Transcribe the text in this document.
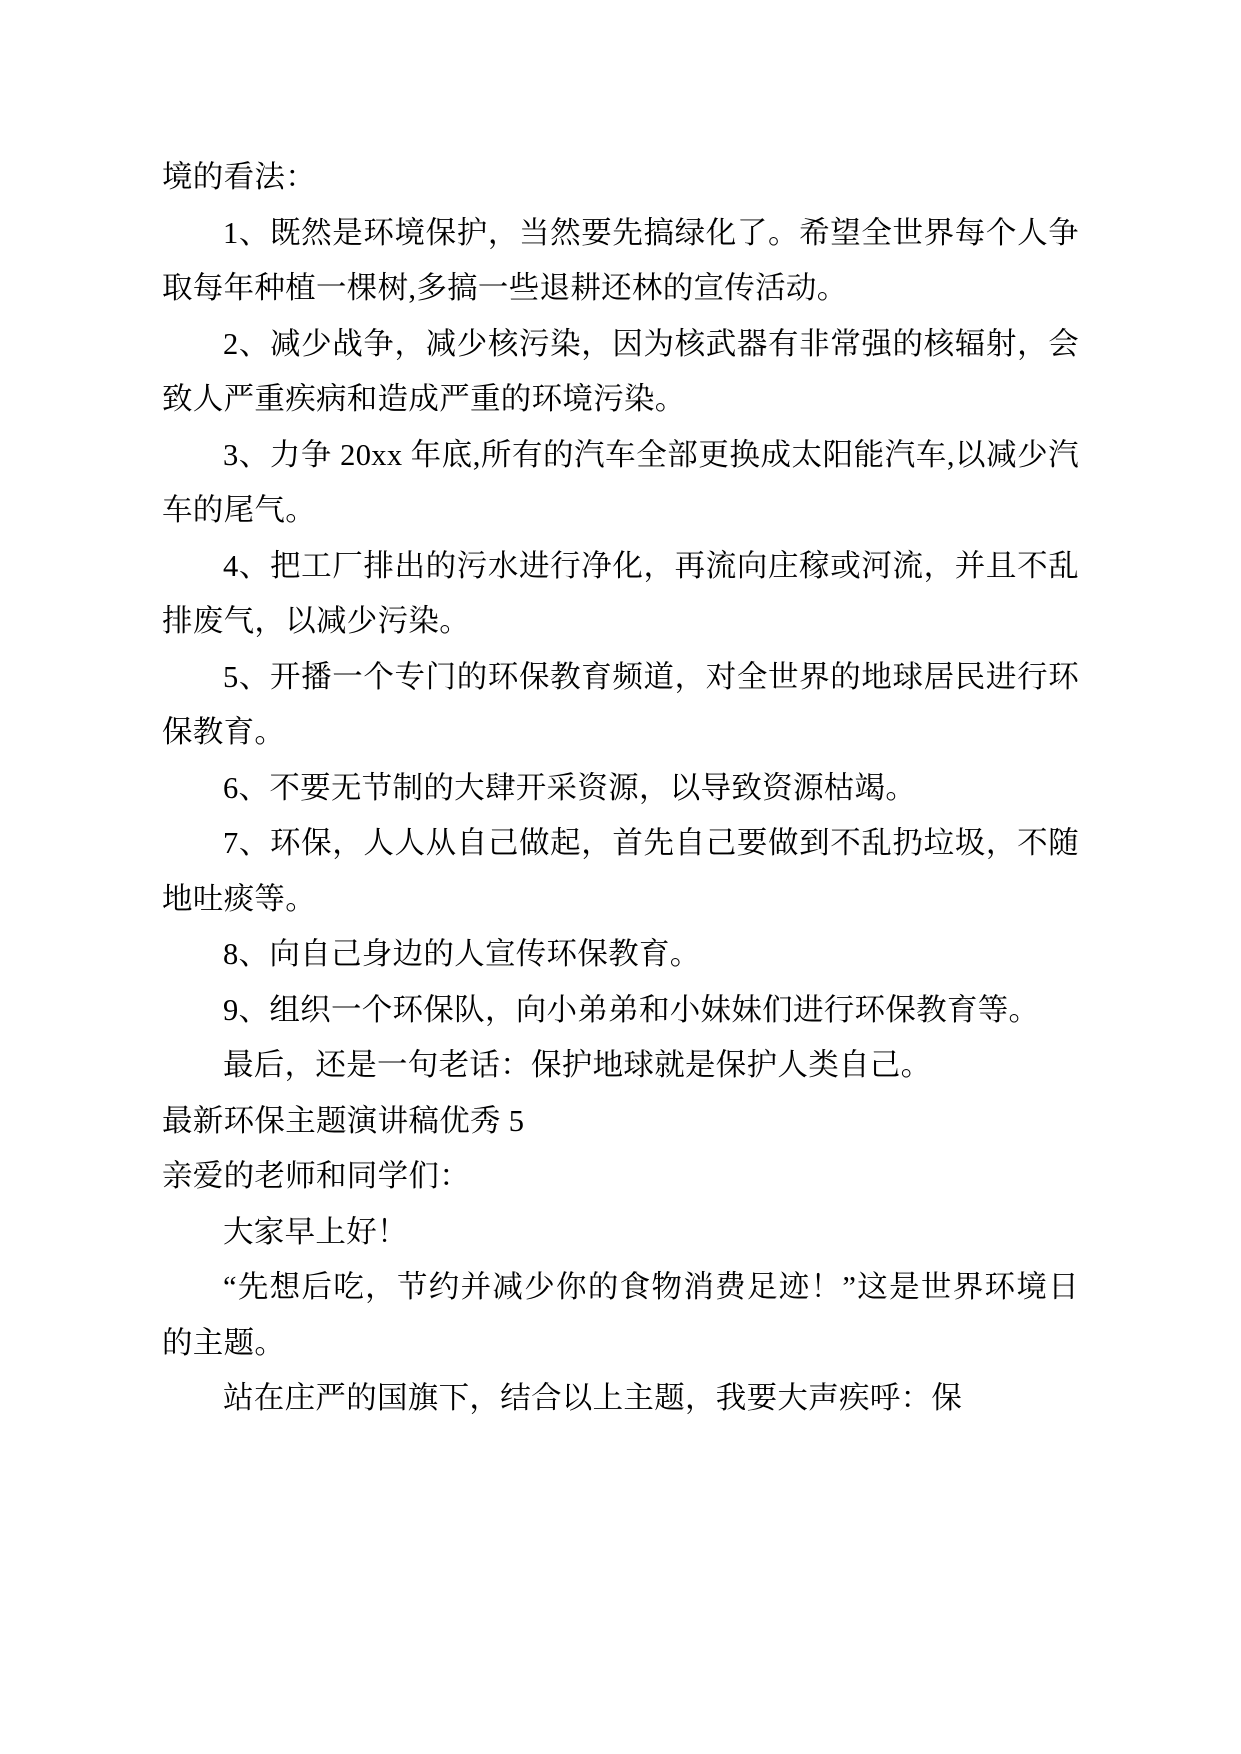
境的看法：

1、既然是环境保护，当然要先搞绿化了。希望全世界每个人争取每年种植一棵树,多搞一些退耕还林的宣传活动。

2、减少战争，减少核污染，因为核武器有非常强的核辐射，会致人严重疾病和造成严重的环境污染。

3、力争 20xx 年底,所有的汽车全部更换成太阳能汽车,以减少汽车的尾气。

4、把工厂排出的污水进行净化，再流向庄稼或河流，并且不乱排废气，以减少污染。

5、开播一个专门的环保教育频道，对全世界的地球居民进行环保教育。

6、不要无节制的大肆开采资源，以导致资源枯竭。

7、环保，人人从自己做起，首先自己要做到不乱扔垃圾，不随地吐痰等。

8、向自己身边的人宣传环保教育。

9、组织一个环保队，向小弟弟和小妹妹们进行环保教育等。

最后，还是一句老话：保护地球就是保护人类自己。

最新环保主题演讲稿优秀 5

亲爱的老师和同学们：

大家早上好！

“先想后吃，节约并减少你的食物消费足迹！”这是世界环境日的主题。

站在庄严的国旗下，结合以上主题，我要大声疾呼：保
